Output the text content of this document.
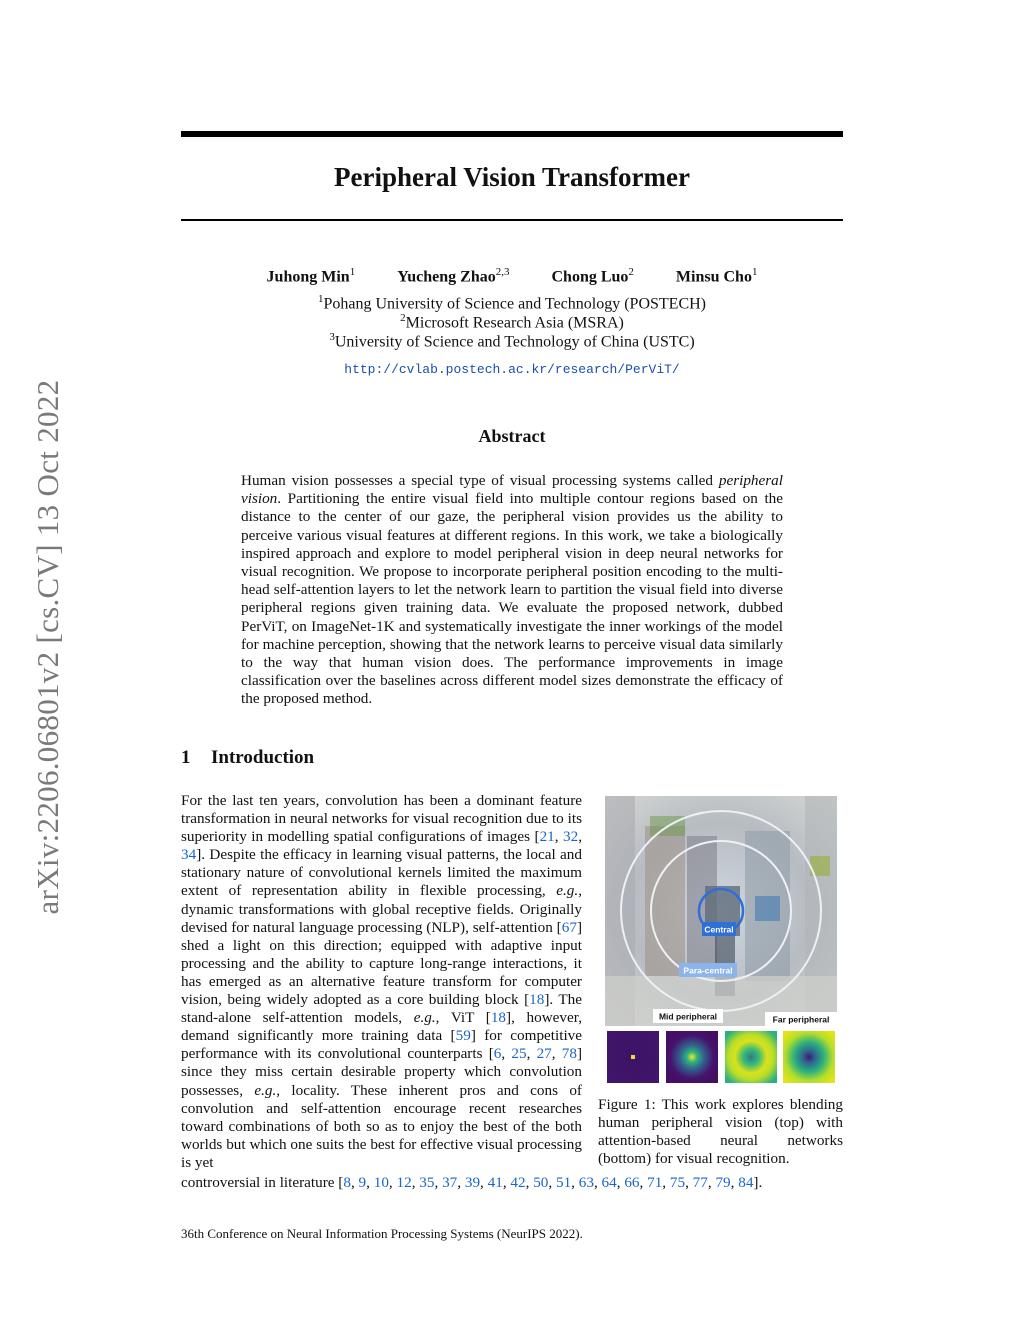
arXiv:2206.06801v2 [cs.CV] 13 Oct 2022
Peripheral Vision Transformer
Juhong Min$^1$	Yucheng Zhao$^{2,3}$	Chong Luo$^2$	Minsu Cho$^1$
$^1$Pohang University of Science and Technology (POSTECH)
$^2$Microsoft Research Asia (MSRA)
$^3$University of Science and Technology of China (USTC)
http://cvlab.postech.ac.kr/research/PerViT/
Abstract
Human vision possesses a special type of visual processing systems called peripheral vision. Partitioning the entire visual field into multiple contour regions based on the distance to the center of our gaze, the peripheral vision provides us the ability to perceive various visual features at different regions. In this work, we take a biologically inspired approach and explore to model peripheral vision in deep neural networks for visual recognition. We propose to incorporate peripheral position encoding to the multi-head self-attention layers to let the network learn to partition the visual field into diverse peripheral regions given training data. We evaluate the proposed network, dubbed PerViT, on ImageNet-1K and systematically investigate the inner workings of the model for machine perception, showing that the network learns to perceive visual data similarly to the way that human vision does. The performance improvements in image classification over the baselines across different model sizes demonstrate the efficacy of the proposed method.
1 Introduction
For the last ten years, convolution has been a dominant feature transformation in neural networks for visual recognition due to its superiority in modelling spatial configurations of images [21, 32, 34]. Despite the efficacy in learning visual patterns, the local and stationary nature of convolutional kernels limited the maximum extent of representation ability in flexible processing, e.g., dynamic transformations with global receptive fields. Originally devised for natural language processing (NLP), self-attention [67] shed a light on this direction; equipped with adaptive input processing and the ability to capture long-range interactions, it has emerged as an alternative feature transform for computer vision, being widely adopted as a core building block [18]. The stand-alone self-attention models, e.g., ViT [18], however, demand significantly more training data [59] for competitive performance with its convolutional counterparts [6, 25, 27, 78] since they miss certain desirable property which convolution possesses, e.g., locality. These inherent pros and cons of convolution and self-attention encourage recent researches toward combinations of both so as to enjoy the best of the both worlds but which one suits the best for effective visual processing is yet
controversial in literature [8, 9, 10, 12, 35, 37, 39, 41, 42, 50, 51, 63, 64, 66, 71, 75, 77, 79, 84].
Central
Para-central
Mid peripheral	Far peripheral
Figure 1: This work explores blending human peripheral vision (top) with attention-based neural networks (bottom) for visual recognition.
36th Conference on Neural Information Processing Systems (NeurIPS 2022).
